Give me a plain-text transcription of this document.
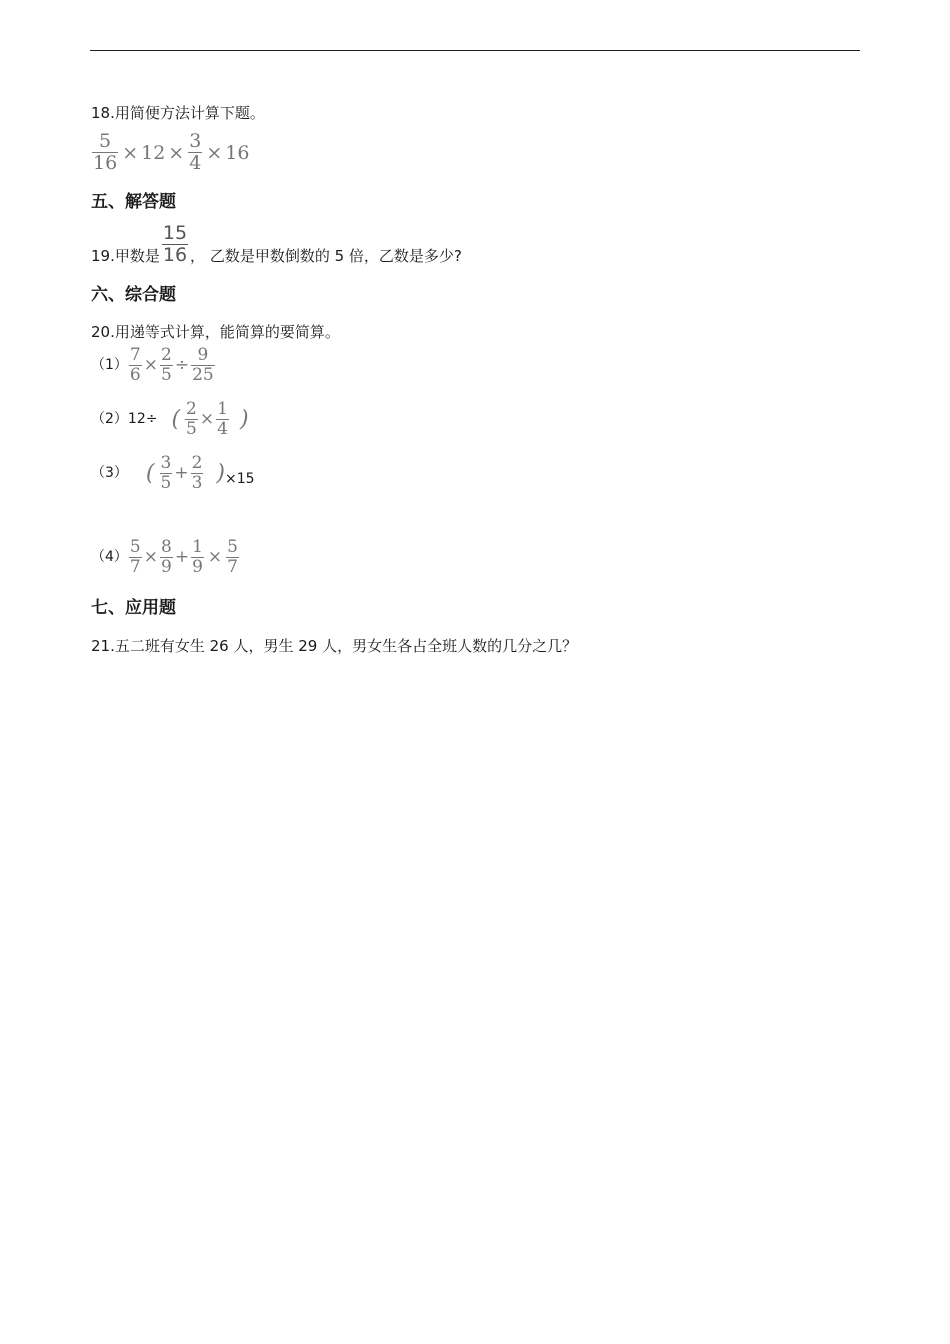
18.用简便方法计算下题。
$\frac{5}{16} \times 12 \times \frac{3}{4} \times 16$
五、解答题
19.甲数是 $\frac{15}{16}$ ， 乙数是甲数倒数的 5 倍，乙数是多少?
六、综合题
20.用递等式计算，能简算的要简算。
$(1) \frac{7}{6} \times \frac{2}{5} \div \frac{9}{25}$
（2）12÷ ( $\frac{2}{5} \times \frac{1}{4}$ )
（3） ( $\frac{3}{5} + \frac{2}{3}$ ) ×15
$(4) \frac{5}{7} \times \frac{8}{9} + \frac{1}{9} \times \frac{5}{7}$
七、应用题
21.五二班有女生 26 人，男生 29 人，男女生各占全班人数的几分之几？
